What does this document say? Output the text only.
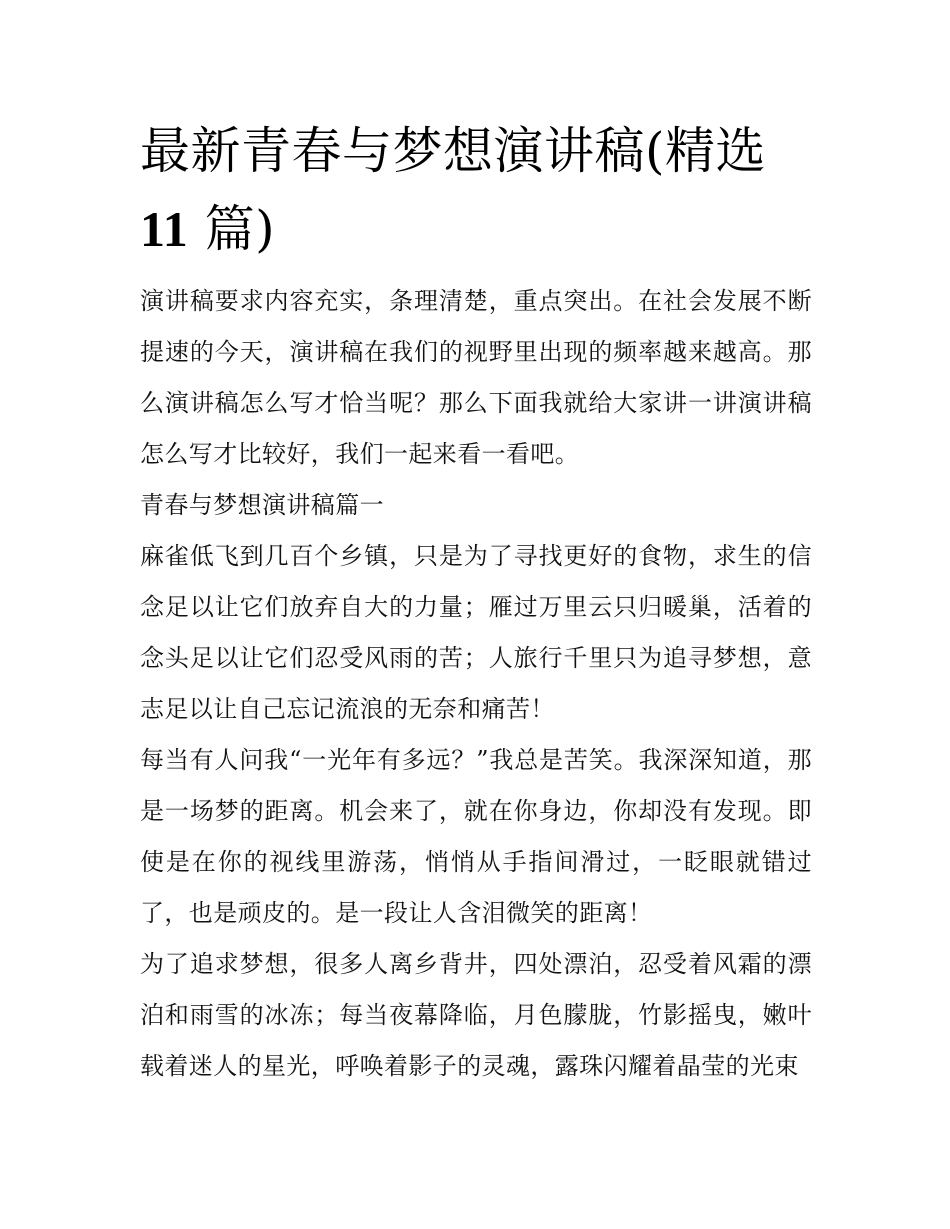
最新青春与梦想演讲稿(精选
11 篇)

演讲稿要求内容充实，条理清楚，重点突出。在社会发展不断提速的今天，演讲稿在我们的视野里出现的频率越来越高。那么演讲稿怎么写才恰当呢？那么下面我就给大家讲一讲演讲稿怎么写才比较好，我们一起来看一看吧。

青春与梦想演讲稿篇一

麻雀低飞到几百个乡镇，只是为了寻找更好的食物，求生的信念足以让它们放弃自大的力量；雁过万里云只归暖巢，活着的念头足以让它们忍受风雨的苦；人旅行千里只为追寻梦想，意志足以让自己忘记流浪的无奈和痛苦！

每当有人问我“一光年有多远？”我总是苦笑。我深深知道，那是一场梦的距离。机会来了，就在你身边，你却没有发现。即使是在你的视线里游荡，悄悄从手指间滑过，一眨眼就错过了，也是顽皮的。是一段让人含泪微笑的距离！

为了追求梦想，很多人离乡背井，四处漂泊，忍受着风霜的漂泊和雨雪的冰冻；每当夜幕降临，月色朦胧，竹影摇曳，嫩叶载着迷人的星光，呼唤着影子的灵魂，露珠闪耀着晶莹的光束
